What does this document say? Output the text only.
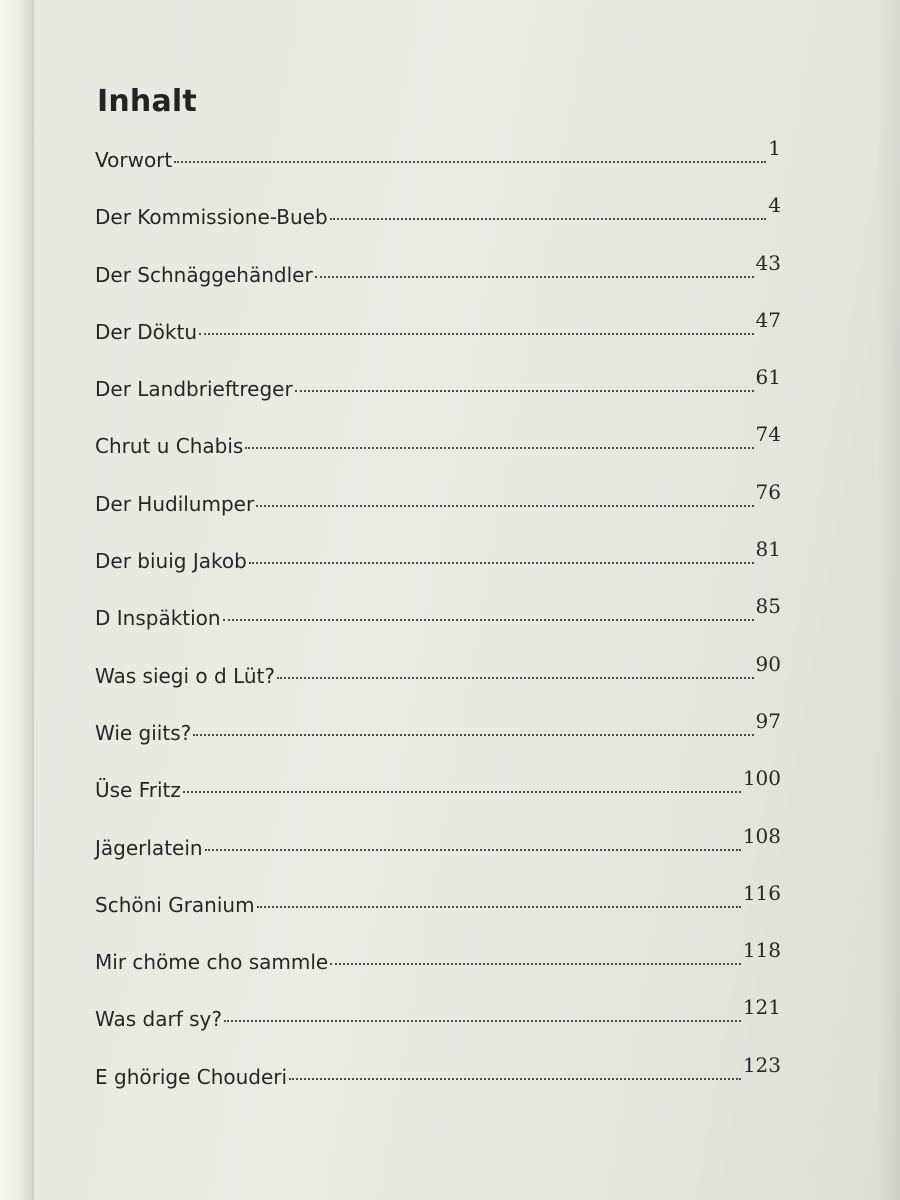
Inhalt
Vorwort	1
Der Kommissione-Bueb	4
Der Schnäggehändler	43
Der Döktu	47
Der Landbrieftreger	61
Chrut u Chabis	74
Der Hudilumper	76
Der biuig Jakob	81
D Inspäktion	85
Was siegi o d Lüt?	90
Wie giits?	97
Üse Fritz	100
Jägerlatein	108
Schöni Granium	116
Mir chöme cho sammle	118
Was darf sy?	121
E ghörige Chouderi	123
